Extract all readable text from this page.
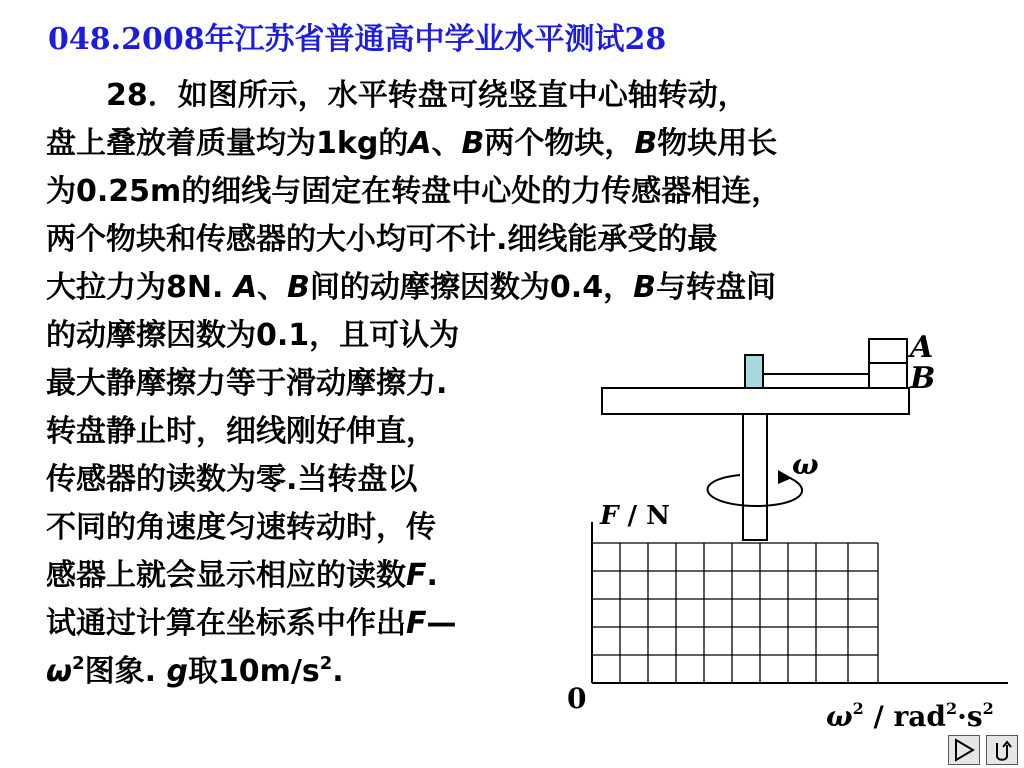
048.2008年江苏省普通高中学业水平测试28
　　28．如图所示，水平转盘可绕竖直中心轴转动，
盘上叠放着质量均为1kg的A、B两个物块，B物块用长
为0.25m的细线与固定在转盘中心处的力传感器相连，
两个物块和传感器的大小均可不计.细线能承受的最
大拉力为8N. A、B间的动摩擦因数为0.4，B与转盘间
的动摩擦因数为0.1，且可认为
最大静摩擦力等于滑动摩擦力.
转盘静止时，细线刚好伸直，
传感器的读数为零.当转盘以
不同的角速度匀速转动时，传
感器上就会显示相应的读数F.
试通过计算在坐标系中作出F—
$\omega^2$图象. g取$10m/s^2$.
A
B
ω
F / N
0
$\omega^2 / rad^2\cdot s^2$
